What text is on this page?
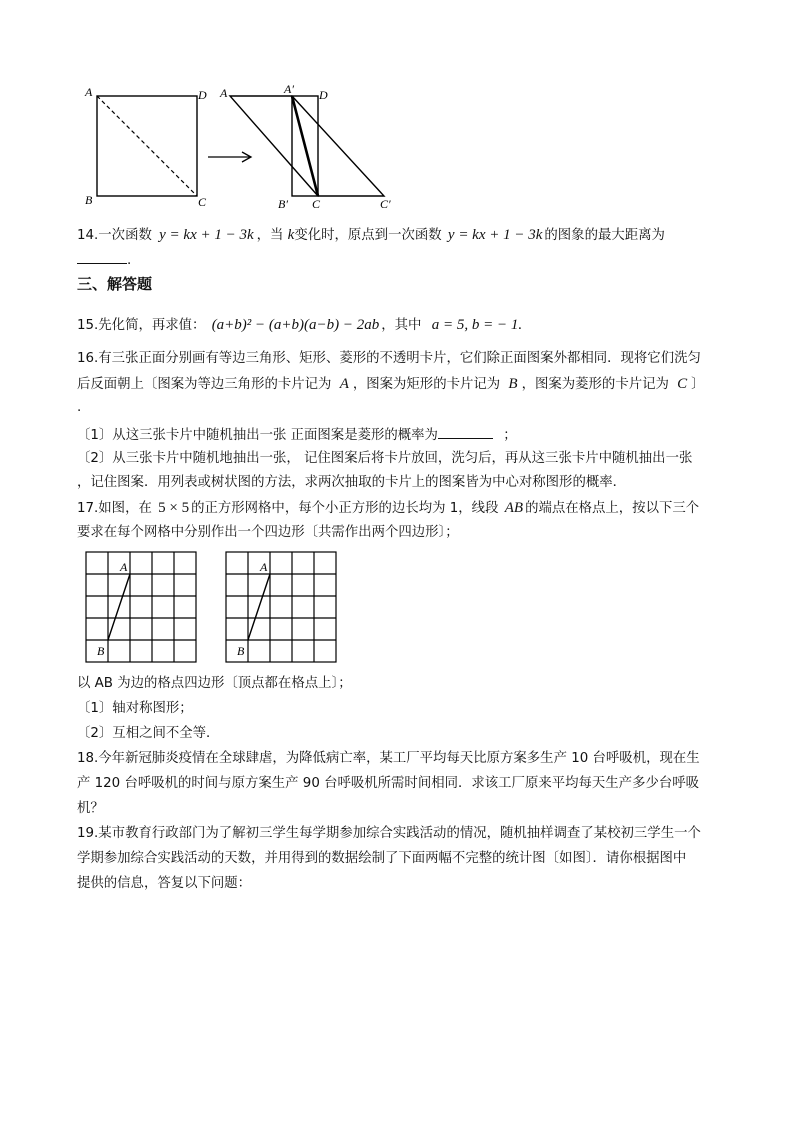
A
B	C
D A	A′ D
B′ C	C′
14.一次函数 y = kx + 1 − 3k ，当 k变化时，原点到一次函数 y = kx + 1 − 3k 的图象的最大距离为
.
三、解答题
15.先化简，再求值： (a+b)² − (a+b)(a−b) − 2ab ，其中 a = 5, b = − 1.
16.有三张正面分别画有等边三角形、矩形、菱形的不透明卡片，它们除正面图案外都相同．现将它们洗匀
后反面朝上〔图案为等边三角形的卡片记为 A ，图案为矩形的卡片记为 B ，图案为菱形的卡片记为 C 〕
.
〔1〕从这三张卡片中随机抽出一张 正面图案是菱形的概率为	；
〔2〕从三张卡片中随机地抽出一张， 记住图案后将卡片放回，洗匀后，再从这三张卡片中随机抽出一张
，记住图案．用列表或树状图的方法，求两次抽取的卡片上的图案皆为中心对称图形的概率．
17.如图，在 5 × 5 的正方形网格中，每个小正方形的边长均为 1，线段 AB 的端点在格点上，按以下三个
要求在每个网格中分别作出一个四边形〔共需作出两个四边形〕；
A
B
A
B
以 AB 为边的格点四边形〔顶点都在格点上〕；
〔1〕轴对称图形；
〔2〕互相之间不全等．
18.今年新冠肺炎疫情在全球肆虐，为降低病亡率，某工厂平均每天比原方案多生产 10 台呼吸机，现在生
产 120 台呼吸机的时间与原方案生产 90 台呼吸机所需时间相同．求该工厂原来平均每天生产多少台呼吸
机？
19.某市教育行政部门为了解初三学生每学期参加综合实践活动的情况，随机抽样调查了某校初三学生一个
学期参加综合实践活动的天数，并用得到的数据绘制了下面两幅不完整的统计图〔如图〕．请你根据图中
提供的信息，答复以下问题：
